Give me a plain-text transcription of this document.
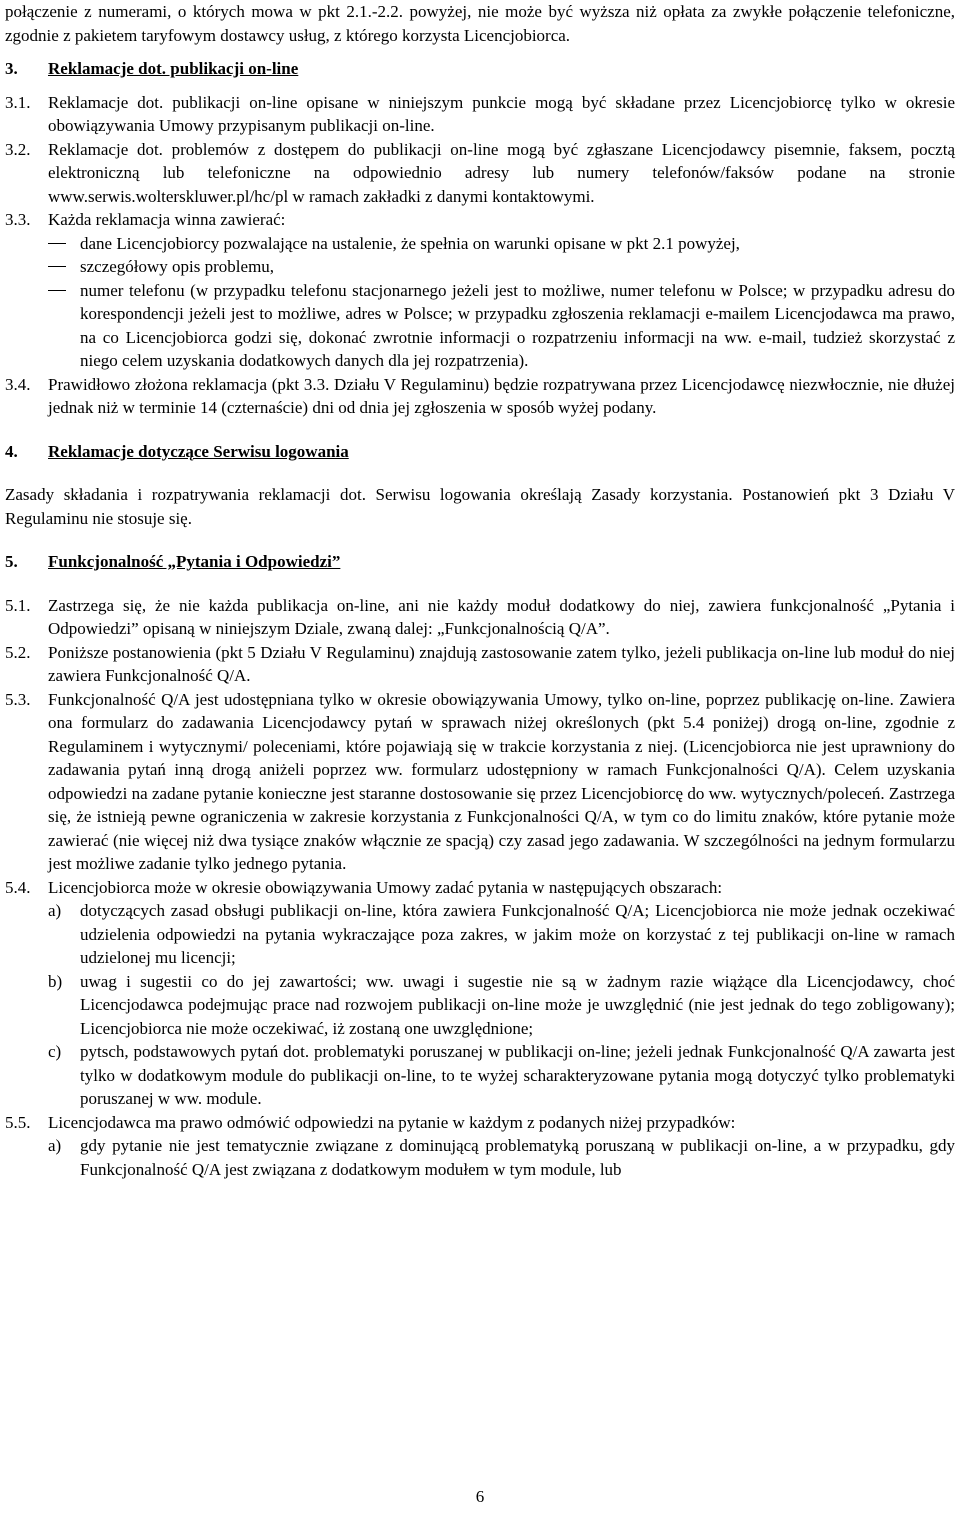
połączenie z numerami, o których mowa w pkt 2.1.-2.2. powyżej, nie może być wyższa niż opłata za zwykłe połączenie telefoniczne, zgodnie z pakietem taryfowym dostawcy usług, z którego korzysta Licencjobiorca.

3.	Reklamacje dot. publikacji on-line
3.1.	Reklamacje dot. publikacji on-line opisane w niniejszym punkcie mogą być składane przez Licencjobiorcę tylko w okresie obowiązywania Umowy przypisanym publikacji on-line.
3.2.	Reklamacje dot. problemów z dostępem do publikacji on-line mogą być zgłaszane Licencjodawcy pisemnie, faksem, pocztą elektroniczną lub telefoniczne na odpowiednio adresy lub numery telefonów/faksów podane na stronie www.serwis.wolterskluwer.pl/hc/pl w ramach zakładki z danymi kontaktowymi.
3.3.	Każda reklamacja winna zawierać:
dane Licencjobiorcy pozwalające na ustalenie, że spełnia on warunki opisane w pkt 2.1 powyżej,
szczegółowy opis problemu,
numer telefonu (w przypadku telefonu stacjonarnego jeżeli jest to możliwe, numer telefonu w Polsce; w przypadku adresu do korespondencji jeżeli jest to możliwe, adres w Polsce; w przypadku zgłoszenia reklamacji e-mailem Licencjodawca ma prawo, na co Licencjobiorca godzi się, dokonać zwrotnie informacji o rozpatrzeniu informacji na ww. e-mail, tudzież skorzystać z niego celem uzyskania dodatkowych danych dla jej rozpatrzenia).
3.4.	Prawidłowo złożona reklamacja (pkt 3.3. Działu V Regulaminu) będzie rozpatrywana przez Licencjodawcę niezwłocznie, nie dłużej jednak niż w terminie 14 (czternaście) dni od dnia jej zgłoszenia w sposób wyżej podany.
4.	Reklamacje dotyczące Serwisu logowania

Zasady składania i rozpatrywania reklamacji dot. Serwisu logowania określają Zasady korzystania. Postanowień pkt 3 Działu V Regulaminu nie stosuje się.

5.	Funkcjonalność „Pytania i Odpowiedzi”
5.1.	Zastrzega się, że nie każda publikacja on-line, ani nie każdy moduł dodatkowy do niej, zawiera funkcjonalność „Pytania i Odpowiedzi” opisaną w niniejszym Dziale, zwaną dalej: „Funkcjonalnością Q/A”.
5.2.	Poniższe postanowienia (pkt 5 Działu V Regulaminu) znajdują zastosowanie zatem tylko, jeżeli publikacja on-line lub moduł do niej zawiera Funkcjonalność Q/A.
5.3.	Funkcjonalność Q/A jest udostępniana tylko w okresie obowiązywania Umowy, tylko on-line, poprzez publikację on-line. Zawiera ona formularz do zadawania Licencjodawcy pytań w sprawach niżej określonych (pkt 5.4 poniżej) drogą on-line, zgodnie z Regulaminem i wytycznymi/ poleceniami, które pojawiają się w trakcie korzystania z niej. (Licencjobiorca nie jest uprawniony do zadawania pytań inną drogą aniżeli poprzez ww. formularz udostępniony w ramach Funkcjonalności Q/A). Celem uzyskania odpowiedzi na zadane pytanie konieczne jest staranne dostosowanie się przez Licencjobiorcę do ww. wytycznych/poleceń. Zastrzega się, że istnieją pewne ograniczenia w zakresie korzystania z Funkcjonalności Q/A, w tym co do limitu znaków, które pytanie może zawierać (nie więcej niż dwa tysiące znaków włącznie ze spacją) czy zasad jego zadawania. W szczególności na jednym formularzu jest możliwe zadanie tylko jednego pytania.
5.4.	Licencjobiorca może w okresie obowiązywania Umowy zadać pytania w następujących obszarach:
a)	dotyczących zasad obsługi publikacji on-line, która zawiera Funkcjonalność Q/A; Licencjobiorca nie może jednak oczekiwać udzielenia odpowiedzi na pytania wykraczające poza zakres, w jakim może on korzystać z tej publikacji on-line w ramach udzielonej mu licencji;
b)	uwag i sugestii co do jej zawartości; ww. uwagi i sugestie nie są w żadnym razie wiążące dla Licencjodawcy, choć Licencjodawca podejmując prace nad rozwojem publikacji on-line może je uwzględnić (nie jest jednak do tego zobligowany); Licencjobiorca nie może oczekiwać, iż zostaną one uwzględnione;
c)	pytsch, podstawowych pytań dot. problematyki poruszanej w publikacji on-line; jeżeli jednak Funkcjonalność Q/A zawarta jest tylko w dodatkowym module do publikacji on-line, to te wyżej scharakteryzowane pytania mogą dotyczyć tylko problematyki poruszanej w ww. module.
5.5.	Licencjodawca ma prawo odmówić odpowiedzi na pytanie w każdym z podanych niżej przypadków:
a)	gdy pytanie nie jest tematycznie związane z dominującą problematyką poruszaną w publikacji on-line, a w przypadku, gdy Funkcjonalność Q/A jest związana z dodatkowym modułem w tym module, lub
6
